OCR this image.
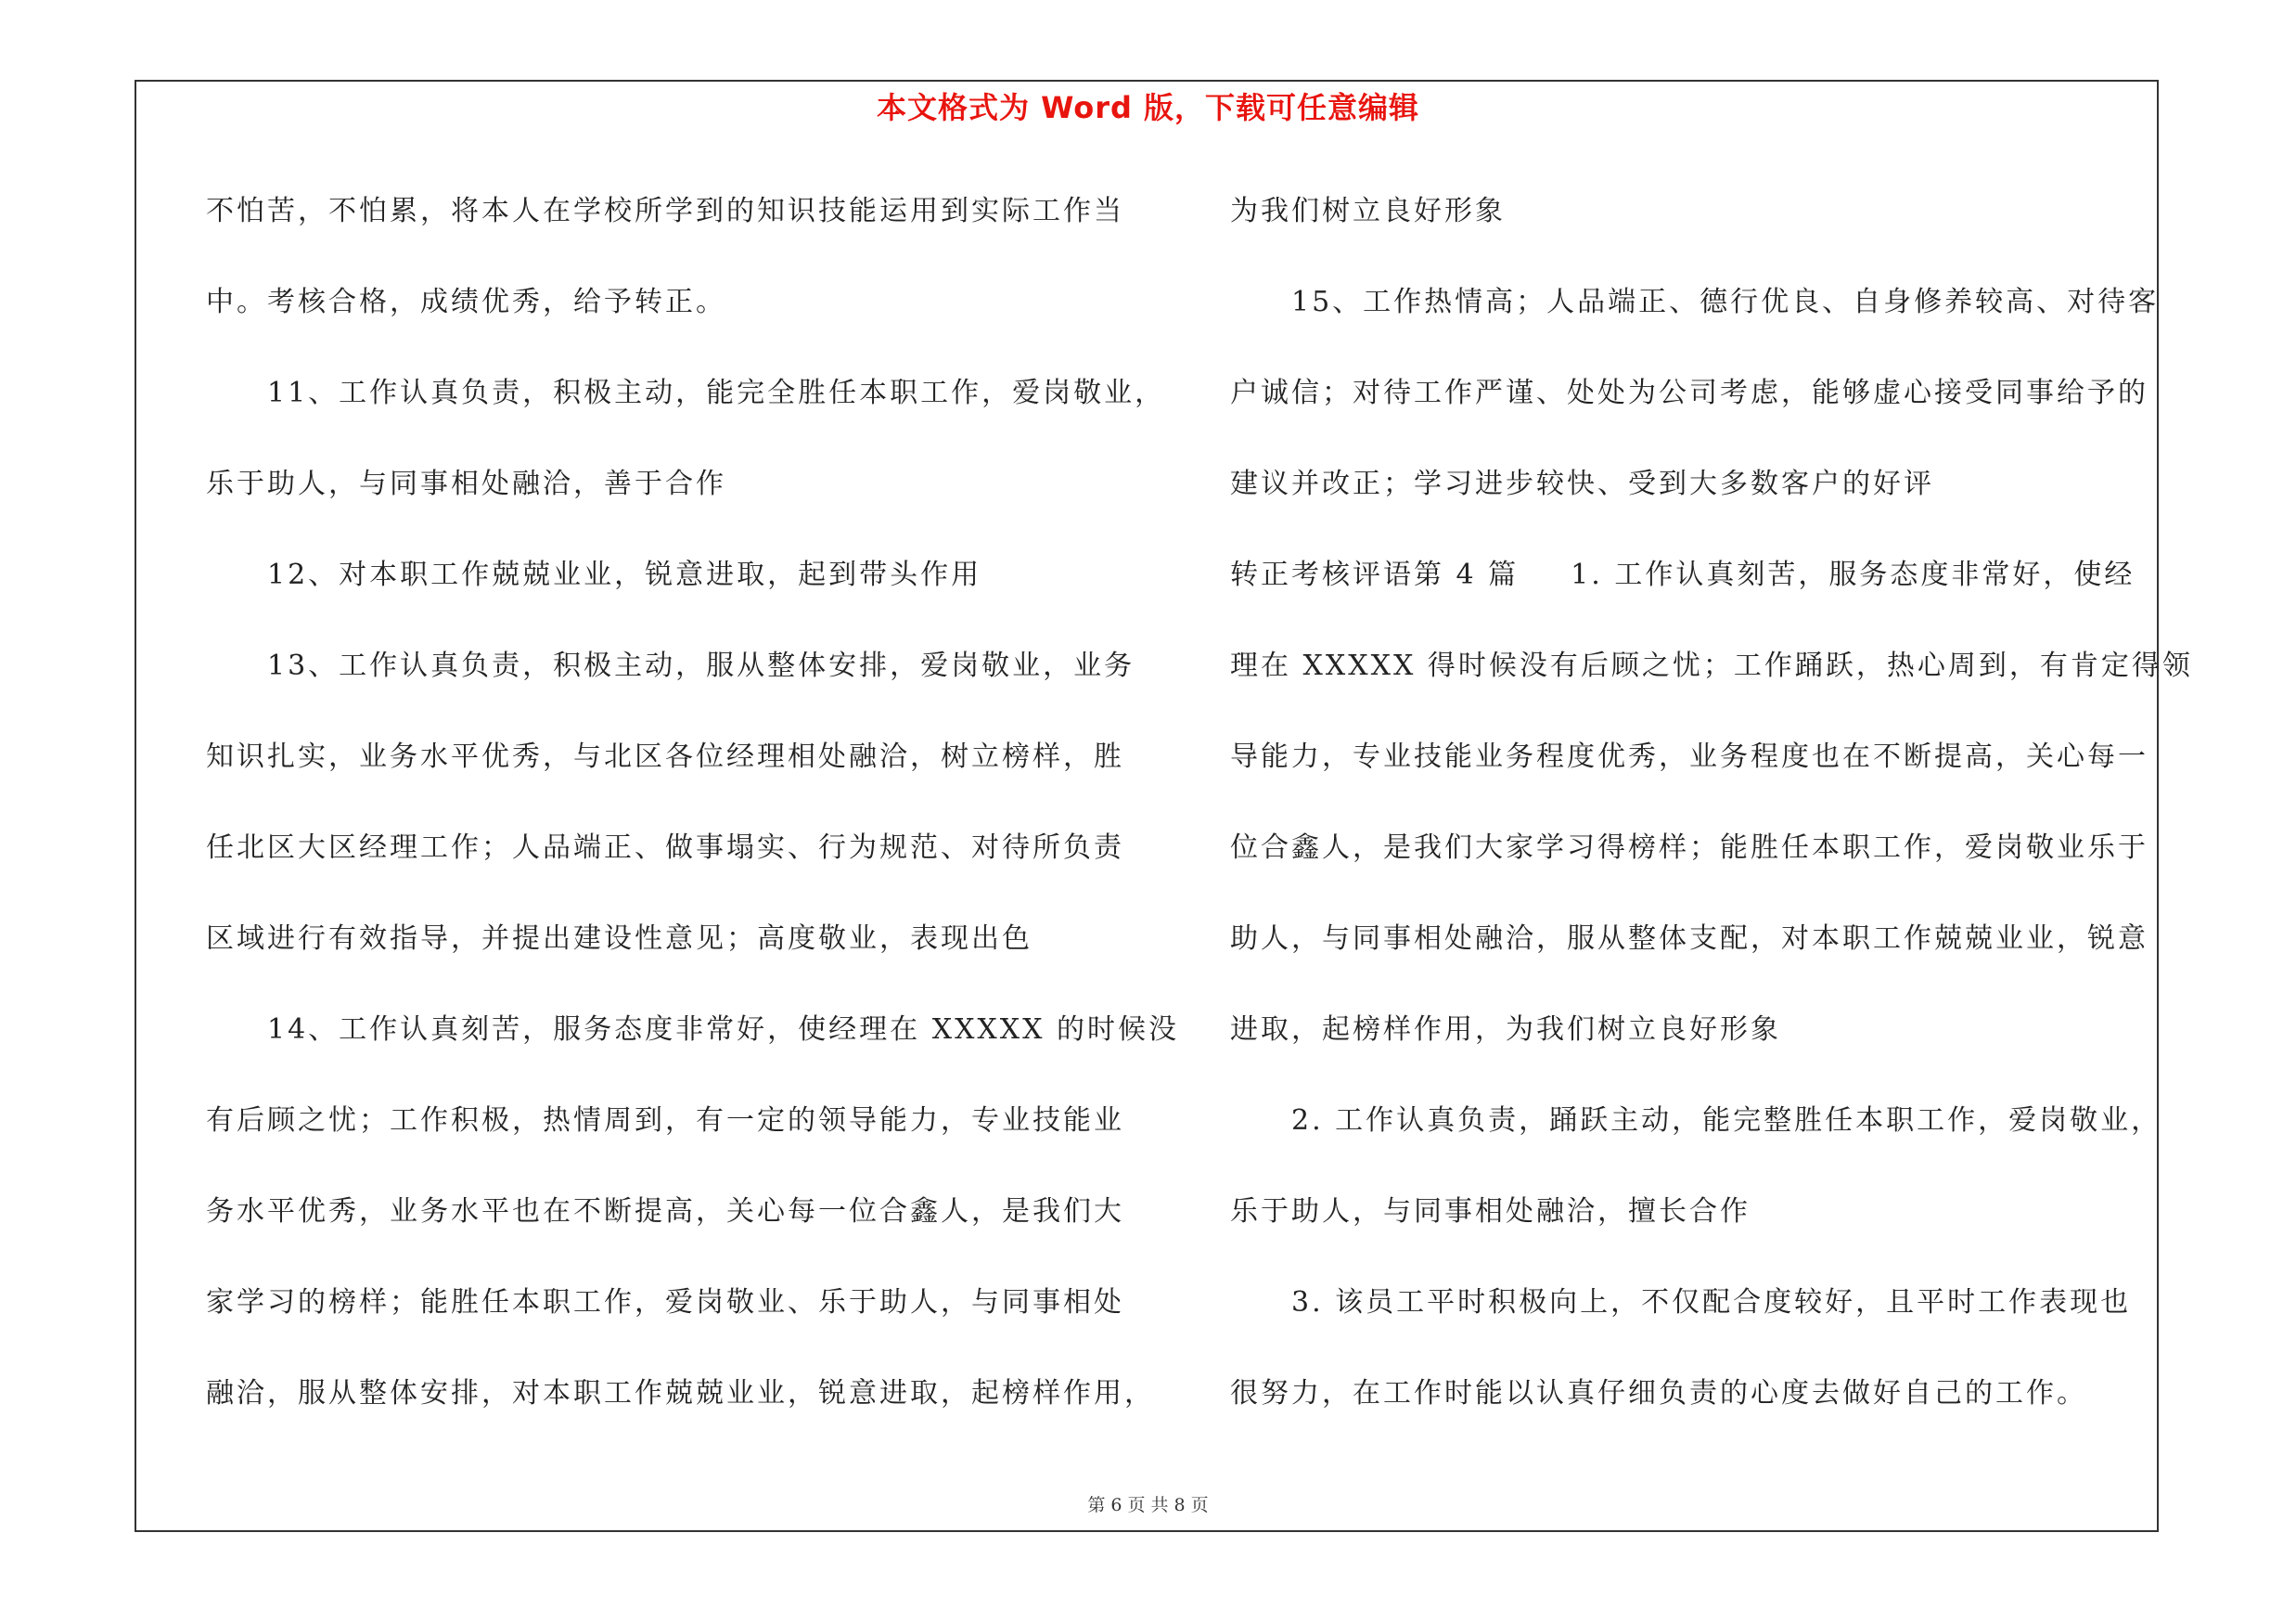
本文格式为 Word 版，下载可任意编辑
不怕苦，不怕累，将本人在学校所学到的知识技能运用到实际工作当
中。考核合格，成绩优秀，给予转正。
11、工作认真负责，积极主动，能完全胜任本职工作，爱岗敬业，
乐于助人，与同事相处融洽，善于合作
12、对本职工作兢兢业业，锐意进取，起到带头作用
13、工作认真负责，积极主动，服从整体安排，爱岗敬业，业务
知识扎实，业务水平优秀，与北区各位经理相处融洽，树立榜样，胜
任北区大区经理工作；人品端正、做事塌实、行为规范、对待所负责
区域进行有效指导，并提出建设性意见；高度敬业，表现出色
14、工作认真刻苦，服务态度非常好，使经理在 XXXXX 的时候没
有后顾之忧；工作积极，热情周到，有一定的领导能力，专业技能业
务水平优秀，业务水平也在不断提高，关心每一位合鑫人，是我们大
家学习的榜样；能胜任本职工作，爱岗敬业、乐于助人，与同事相处
融洽，服从整体安排，对本职工作兢兢业业，锐意进取，起榜样作用，
为我们树立良好形象
15、工作热情高；人品端正、德行优良、自身修养较高、对待客
户诚信；对待工作严谨、处处为公司考虑，能够虚心接受同事给予的
建议并改正；学习进步较快、受到大多数客户的好评
转正考核评语第 4 篇 1. 工作认真刻苦，服务态度非常好，使经
理在 XXXXX 得时候没有后顾之忧；工作踊跃，热心周到，有肯定得领
导能力，专业技能业务程度优秀，业务程度也在不断提高，关心每一
位合鑫人，是我们大家学习得榜样；能胜任本职工作，爱岗敬业乐于
助人，与同事相处融洽，服从整体支配，对本职工作兢兢业业，锐意
进取，起榜样作用，为我们树立良好形象
2. 工作认真负责，踊跃主动，能完整胜任本职工作，爱岗敬业，
乐于助人，与同事相处融洽，擅长合作
3. 该员工平时积极向上，不仅配合度较好，且平时工作表现也
很努力，在工作时能以认真仔细负责的心度去做好自己的工作。
第 6 页 共 8 页
